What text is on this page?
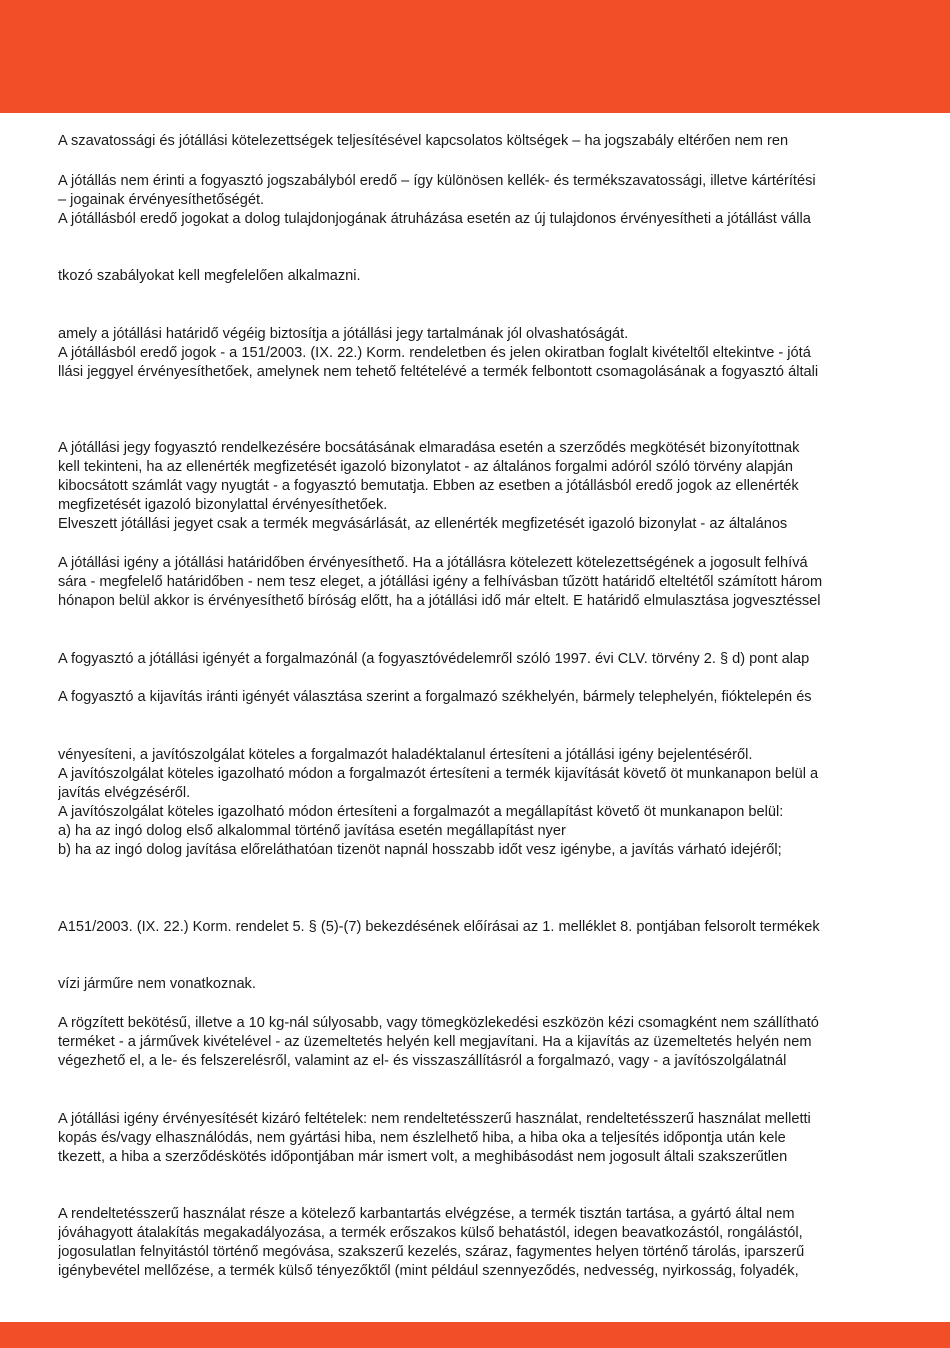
A szavatossági és jótállási kötelezettségek teljesítésével kapcsolatos költségek – ha jogszabály eltérően nem ren
A jótállás nem érinti a fogyasztó jogszabályból eredő – így különösen kellék- és termékszavatossági, illetve kártérítési
– jogainak érvényesíthetőségét.
A jótállásból eredő jogokat a dolog tulajdonjogának átruházása esetén az új tulajdonos érvényesítheti a jótállást válla
tkozó szabályokat kell megfelelően alkalmazni.
amely a jótállási határidő végéig biztosítja a jótállási jegy tartalmának jól olvashatóságát.
A jótállásból eredő jogok - a 151/2003. (IX. 22.) Korm. rendeletben és jelen okiratban foglalt kivételtől eltekintve - jótá
llási jeggyel érvényesíthetőek, amelynek nem tehető feltételévé a termék felbontott csomagolásának a fogyasztó általi
A jótállási jegy fogyasztó rendelkezésére bocsátásának elmaradása esetén a szerződés megkötését bizonyítottnak
kell tekinteni, ha az ellenérték megfizetését igazoló bizonylatot - az általános forgalmi adóról szóló törvény alapján
kibocsátott számlát vagy nyugtát - a fogyasztó bemutatja. Ebben az esetben a jótállásból eredő jogok az ellenérték
megfizetését igazoló bizonylattal érvényesíthetőek.
Elveszett jótállási jegyet csak a termék megvásárlását, az ellenérték megfizetését igazoló bizonylat - az általános
A jótállási igény a jótállási határidőben érvényesíthető. Ha a jótállásra kötelezett kötelezettségének a jogosult felhívá
sára - megfelelő határidőben - nem tesz eleget, a jótállási igény a felhívásban tűzött határidő elteltétől számított három
hónapon belül akkor is érvényesíthető bíróság előtt, ha a jótállási idő már eltelt. E határidő elmulasztása jogvesztéssel
A fogyasztó a jótállási igényét a forgalmazónál (a fogyasztóvédelemről szóló 1997. évi CLV. törvény 2. § d) pont alap
A fogyasztó a kijavítás iránti igényét választása szerint a forgalmazó székhelyén, bármely telephelyén, fióktelepén és
vényesíteni, a javítószolgálat köteles a forgalmazót haladéktalanul értesíteni a jótállási igény bejelentéséről.
A javítószolgálat köteles igazolható módon a forgalmazót értesíteni a termék kijavítását követő öt munkanapon belül a
javítás elvégzéséről.
A javítószolgálat köteles igazolható módon értesíteni a forgalmazót a megállapítást követő öt munkanapon belül:
a) ha az ingó dolog első alkalommal történő javítása esetén megállapítást nyer
b) ha az ingó dolog javítása előreláthatóan tizenöt napnál hosszabb időt vesz igénybe, a javítás várható idejéről;
A151/2003. (IX. 22.) Korm. rendelet 5. § (5)-(7) bekezdésének előírásai az 1. melléklet 8. pontjában felsorolt termékek
vízi járműre nem vonatkoznak.
A rögzített bekötésű, illetve a 10 kg-nál súlyosabb, vagy tömegközlekedési eszközön kézi csomagként nem szállítható
terméket - a járművek kivételével - az üzemeltetés helyén kell megjavítani. Ha a kijavítás az üzemeltetés helyén nem
végezhető el, a le- és felszerelésről, valamint az el- és visszaszállításról a forgalmazó, vagy - a javítószolgálatnál
A jótállási igény érvényesítését kizáró feltételek: nem rendeltetésszerű használat, rendeltetésszerű használat melletti
kopás és/vagy elhasználódás, nem gyártási hiba, nem észlelhető hiba, a hiba oka a teljesítés időpontja után kele
tkezett, a hiba a szerződéskötés időpontjában már ismert volt, a meghibásodást nem jogosult általi szakszerűtlen
A rendeltetésszerű használat része a kötelező karbantartás elvégzése, a termék tisztán tartása, a gyártó által nem
jóváhagyott átalakítás megakadályozása, a termék erőszakos külső behatástól, idegen beavatkozástól, rongálástól,
jogosulatlan felnyitástól történő megóvása, szakszerű kezelés, száraz, fagymentes helyen történő tárolás, iparszerű
igénybevétel mellőzése, a termék külső tényezőktől (mint például szennyeződés, nedvesség, nyirkosság, folyadék,
